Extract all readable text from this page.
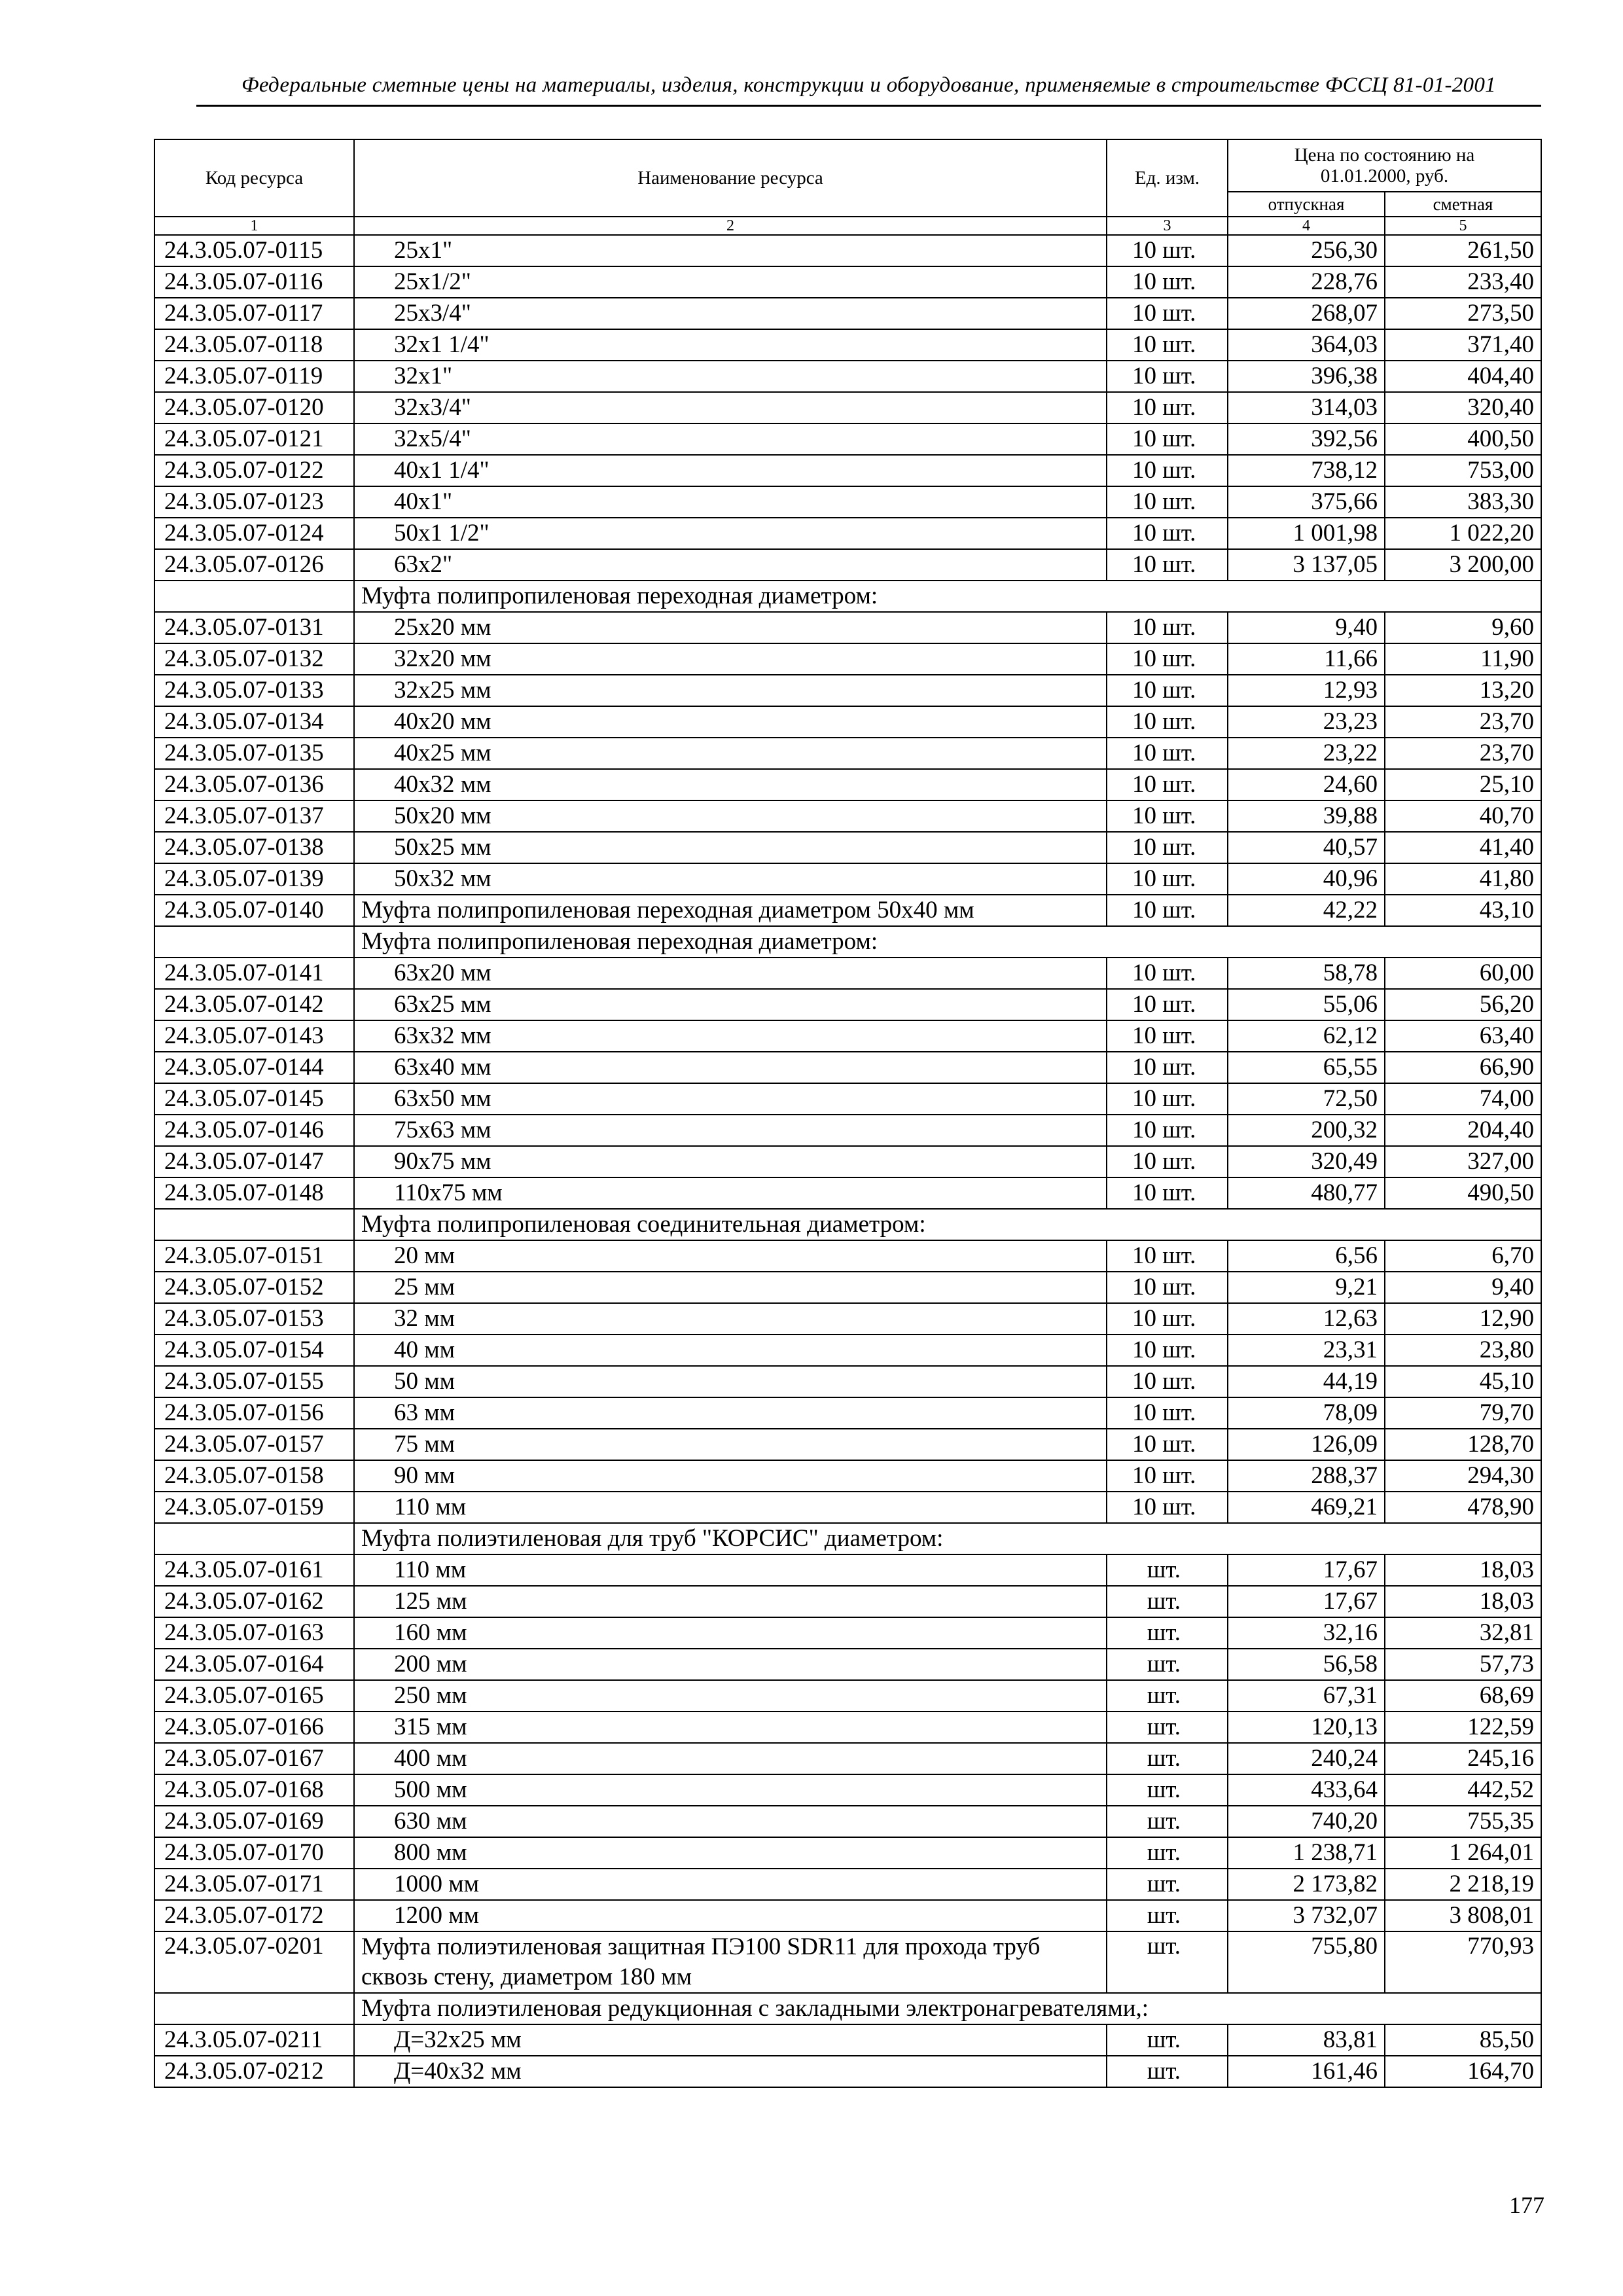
Федеральные сметные цены на материалы, изделия, конструкции и оборудование, применяемые в строительстве ФССЦ 81-01-2001
Код ресурса	Наименование ресурса	Ед. изм.	Цена по состоянию на 01.01.2000, руб.	
			отпускная	сметная
1	2	3	4	5
24.3.05.07-0115	25х1"	10 шт.	256,30	261,50
24.3.05.07-0116	25х1/2"	10 шт.	228,76	233,40
24.3.05.07-0117	25х3/4"	10 шт.	268,07	273,50
24.3.05.07-0118	32х1 1/4"	10 шт.	364,03	371,40
24.3.05.07-0119	32х1"	10 шт.	396,38	404,40
24.3.05.07-0120	32х3/4"	10 шт.	314,03	320,40
24.3.05.07-0121	32х5/4"	10 шт.	392,56	400,50
24.3.05.07-0122	40х1 1/4"	10 шт.	738,12	753,00
24.3.05.07-0123	40х1"	10 шт.	375,66	383,30
24.3.05.07-0124	50х1 1/2"	10 шт.	1 001,98	1 022,20
24.3.05.07-0126	63х2"	10 шт.	3 137,05	3 200,00
	Муфта полипропиленовая переходная диаметром:			
24.3.05.07-0131	25х20 мм	10 шт.	9,40	9,60
24.3.05.07-0132	32х20 мм	10 шт.	11,66	11,90
24.3.05.07-0133	32х25 мм	10 шт.	12,93	13,20
24.3.05.07-0134	40х20 мм	10 шт.	23,23	23,70
24.3.05.07-0135	40х25 мм	10 шт.	23,22	23,70
24.3.05.07-0136	40х32 мм	10 шт.	24,60	25,10
24.3.05.07-0137	50х20 мм	10 шт.	39,88	40,70
24.3.05.07-0138	50х25 мм	10 шт.	40,57	41,40
24.3.05.07-0139	50х32 мм	10 шт.	40,96	41,80
24.3.05.07-0140	Муфта полипропиленовая переходная диаметром 50х40 мм	10 шт.	42,22	43,10
	Муфта полипропиленовая переходная диаметром:			
24.3.05.07-0141	63х20 мм	10 шт.	58,78	60,00
24.3.05.07-0142	63х25 мм	10 шт.	55,06	56,20
24.3.05.07-0143	63х32 мм	10 шт.	62,12	63,40
24.3.05.07-0144	63х40 мм	10 шт.	65,55	66,90
24.3.05.07-0145	63х50 мм	10 шт.	72,50	74,00
24.3.05.07-0146	75х63 мм	10 шт.	200,32	204,40
24.3.05.07-0147	90х75 мм	10 шт.	320,49	327,00
24.3.05.07-0148	110х75 мм	10 шт.	480,77	490,50
	Муфта полипропиленовая соединительная диаметром:			
24.3.05.07-0151	20 мм	10 шт.	6,56	6,70
24.3.05.07-0152	25 мм	10 шт.	9,21	9,40
24.3.05.07-0153	32 мм	10 шт.	12,63	12,90
24.3.05.07-0154	40 мм	10 шт.	23,31	23,80
24.3.05.07-0155	50 мм	10 шт.	44,19	45,10
24.3.05.07-0156	63 мм	10 шт.	78,09	79,70
24.3.05.07-0157	75 мм	10 шт.	126,09	128,70
24.3.05.07-0158	90 мм	10 шт.	288,37	294,30
24.3.05.07-0159	110 мм	10 шт.	469,21	478,90
	Муфта полиэтиленовая для труб "КОРСИС" диаметром:			
24.3.05.07-0161	110 мм	шт.	17,67	18,03
24.3.05.07-0162	125 мм	шт.	17,67	18,03
24.3.05.07-0163	160 мм	шт.	32,16	32,81
24.3.05.07-0164	200 мм	шт.	56,58	57,73
24.3.05.07-0165	250 мм	шт.	67,31	68,69
24.3.05.07-0166	315 мм	шт.	120,13	122,59
24.3.05.07-0167	400 мм	шт.	240,24	245,16
24.3.05.07-0168	500 мм	шт.	433,64	442,52
24.3.05.07-0169	630 мм	шт.	740,20	755,35
24.3.05.07-0170	800 мм	шт.	1 238,71	1 264,01
24.3.05.07-0171	1000 мм	шт.	2 173,82	2 218,19
24.3.05.07-0172	1200 мм	шт.	3 732,07	3 808,01
24.3.05.07-0201	Муфта полиэтиленовая защитная ПЭ100 SDR11 для прохода труб сквозь стену, диаметром 180 мм	шт.	755,80	770,93
	Муфта полиэтиленовая редукционная с закладными электронагревателями,:			
24.3.05.07-0211	Д=32х25 мм	шт.	83,81	85,50
24.3.05.07-0212	Д=40х32 мм	шт.	161,46	164,70
177
